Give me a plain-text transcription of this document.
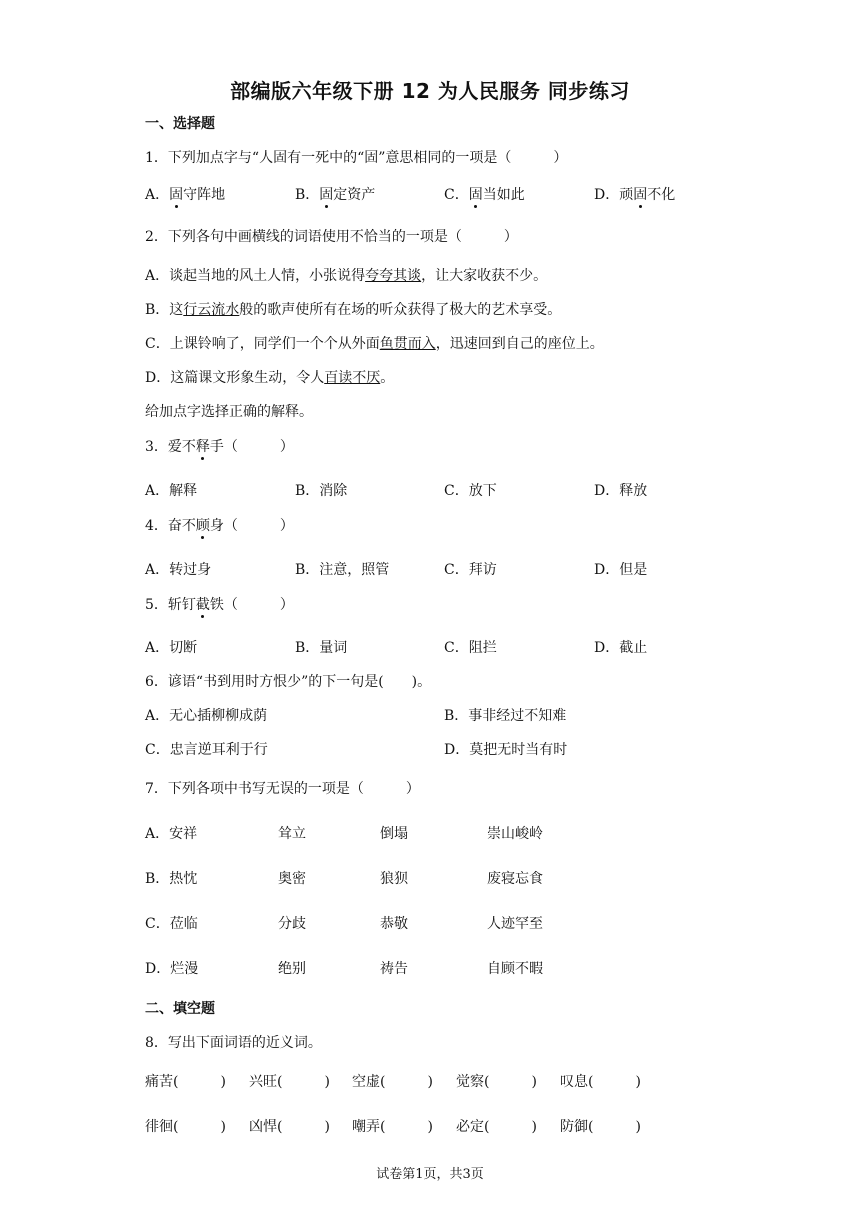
部编版六年级下册 12 为人民服务 同步练习
一、选择题
1．下列加点字与“人固有一死中的“固”意思相同的一项是（　　　）
A．固守阵地	B．固定资产	C．固当如此	D．顽固不化
2．下列各句中画横线的词语使用不恰当的一项是（　　　）
A．谈起当地的风土人情，小张说得夸夸其谈，让大家收获不少。
B．这行云流水般的歌声使所有在场的听众获得了极大的艺术享受。
C．上课铃响了，同学们一个个从外面鱼贯而入，迅速回到自己的座位上。
D．这篇课文形象生动，令人百读不厌。
给加点字选择正确的解释。
3．爱不释手（　　　）
A．解释	B．消除	C．放下	D．释放
4．奋不顾身（　　　）
A．转过身	B．注意，照管	C．拜访	D．但是
5．斩钉截铁（　　　）
A．切断	B．量词	C．阻拦	D．截止
6．谚语“书到用时方恨少”的下一句是(　　)。
A．无心插柳柳成荫	B．事非经过不知难
C．忠言逆耳利于行	D．莫把无时当有时
7．下列各项中书写无误的一项是（　　　）
A．安祥	耸立	倒塌	崇山峻岭
B．热忱	奥密	狼狈	废寝忘食
C．莅临	分歧	恭敬	人迹罕至
D．烂漫	绝别	祷告	自顾不暇
二、填空题
8．写出下面词语的近义词。
痛苦(　　　) 兴旺(　　　) 空虚(　　　) 觉察(　　　) 叹息(　　　)
徘徊(　　　) 凶悍(　　　) 嘲弄(　　　) 必定(　　　) 防御(　　　)
试卷第1页，共3页
